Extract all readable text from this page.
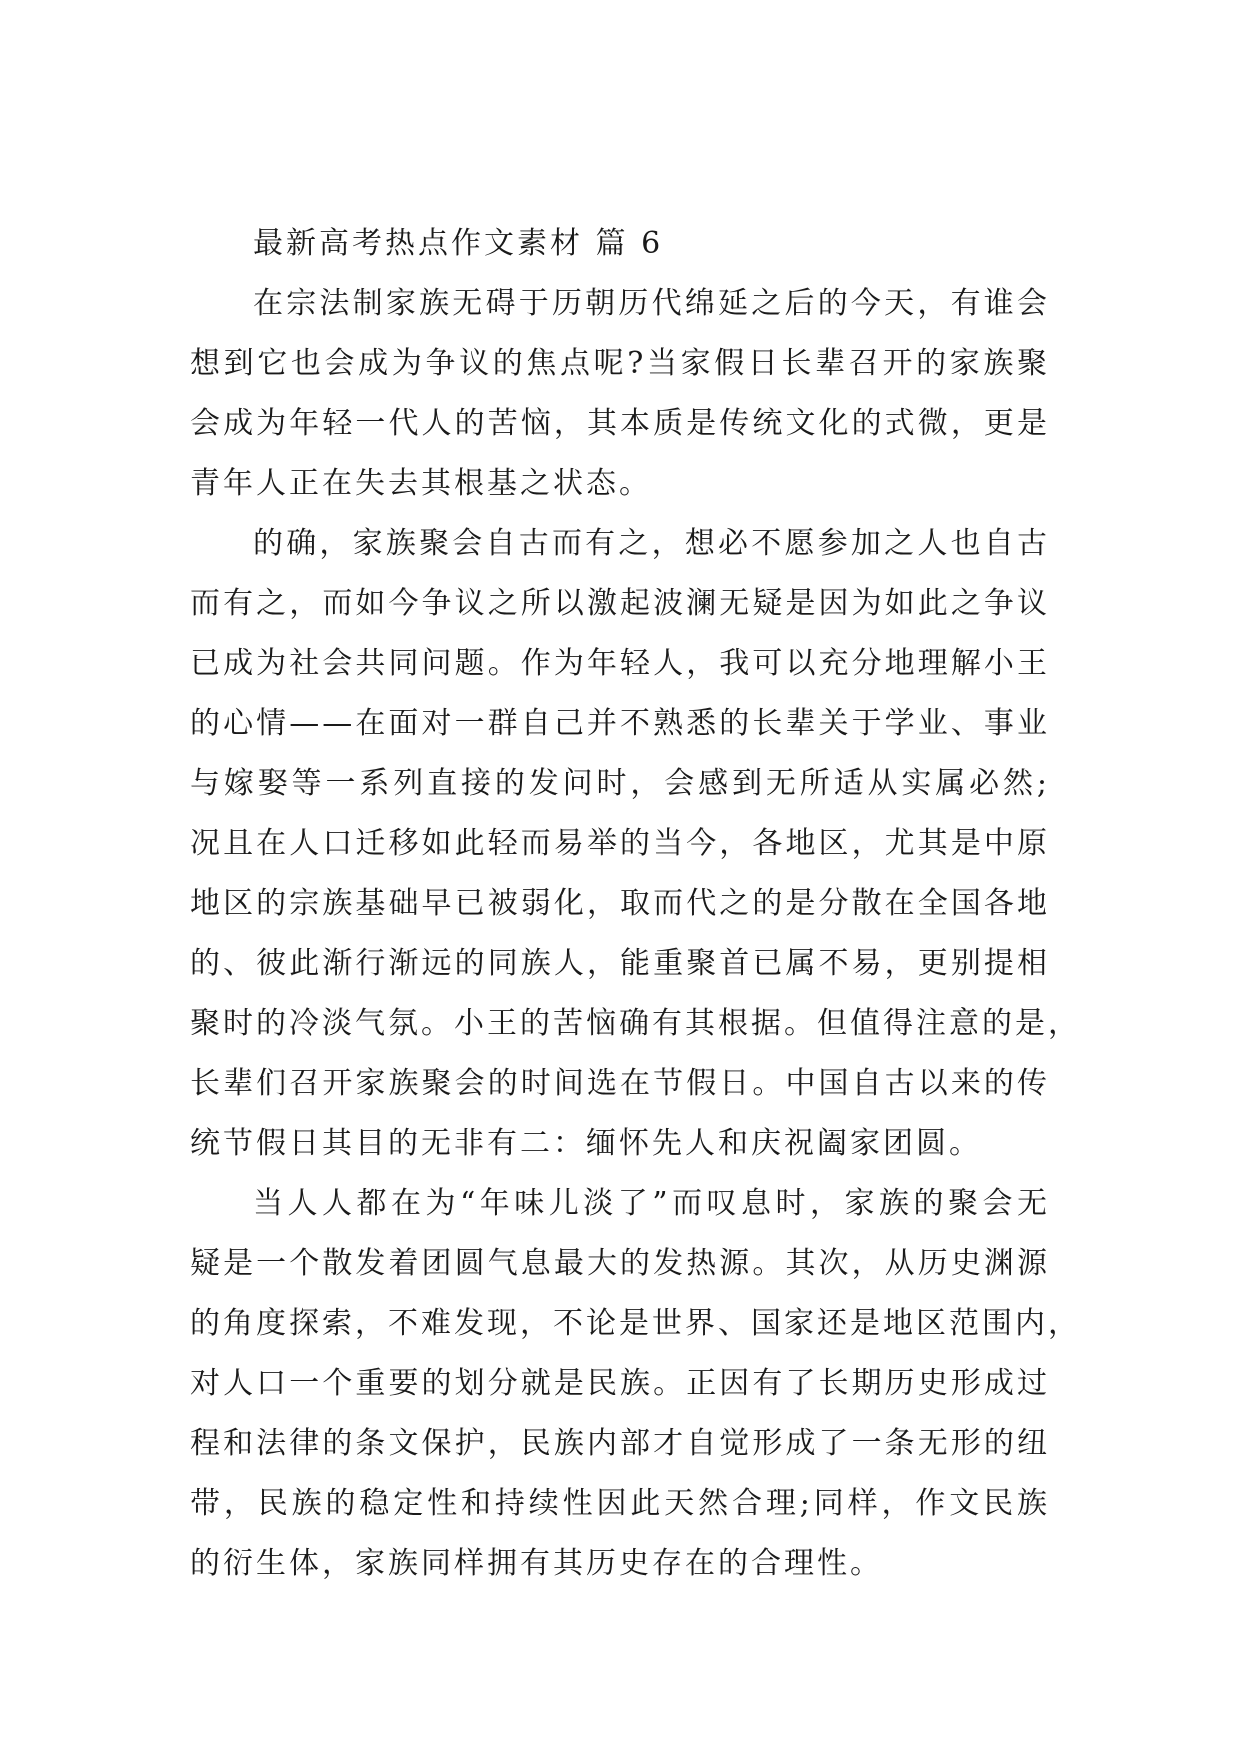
最新高考热点作文素材 篇 6

在宗法制家族无碍于历朝历代绵延之后的今天，有谁会
想到它也会成为争议的焦点呢?当家假日长辈召开的家族聚
会成为年轻一代人的苦恼，其本质是传统文化的式微，更是
青年人正在失去其根基之状态。

的确，家族聚会自古而有之，想必不愿参加之人也自古
而有之，而如今争议之所以激起波澜无疑是因为如此之争议
已成为社会共同问题。作为年轻人，我可以充分地理解小王
的心情——在面对一群自己并不熟悉的长辈关于学业、事业
与嫁娶等一系列直接的发问时，会感到无所适从实属必然;
况且在人口迁移如此轻而易举的当今，各地区，尤其是中原
地区的宗族基础早已被弱化，取而代之的是分散在全国各地
的、彼此渐行渐远的同族人，能重聚首已属不易，更别提相
聚时的冷淡气氛。小王的苦恼确有其根据。但值得注意的是，
长辈们召开家族聚会的时间选在节假日。中国自古以来的传
统节假日其目的无非有二：缅怀先人和庆祝阖家团圆。

当人人都在为“年味儿淡了”而叹息时，家族的聚会无
疑是一个散发着团圆气息最大的发热源。其次，从历史渊源
的角度探索，不难发现，不论是世界、国家还是地区范围内，
对人口一个重要的划分就是民族。正因有了长期历史形成过
程和法律的条文保护，民族内部才自觉形成了一条无形的纽
带，民族的稳定性和持续性因此天然合理;同样，作文民族
的衍生体，家族同样拥有其历史存在的合理性。
